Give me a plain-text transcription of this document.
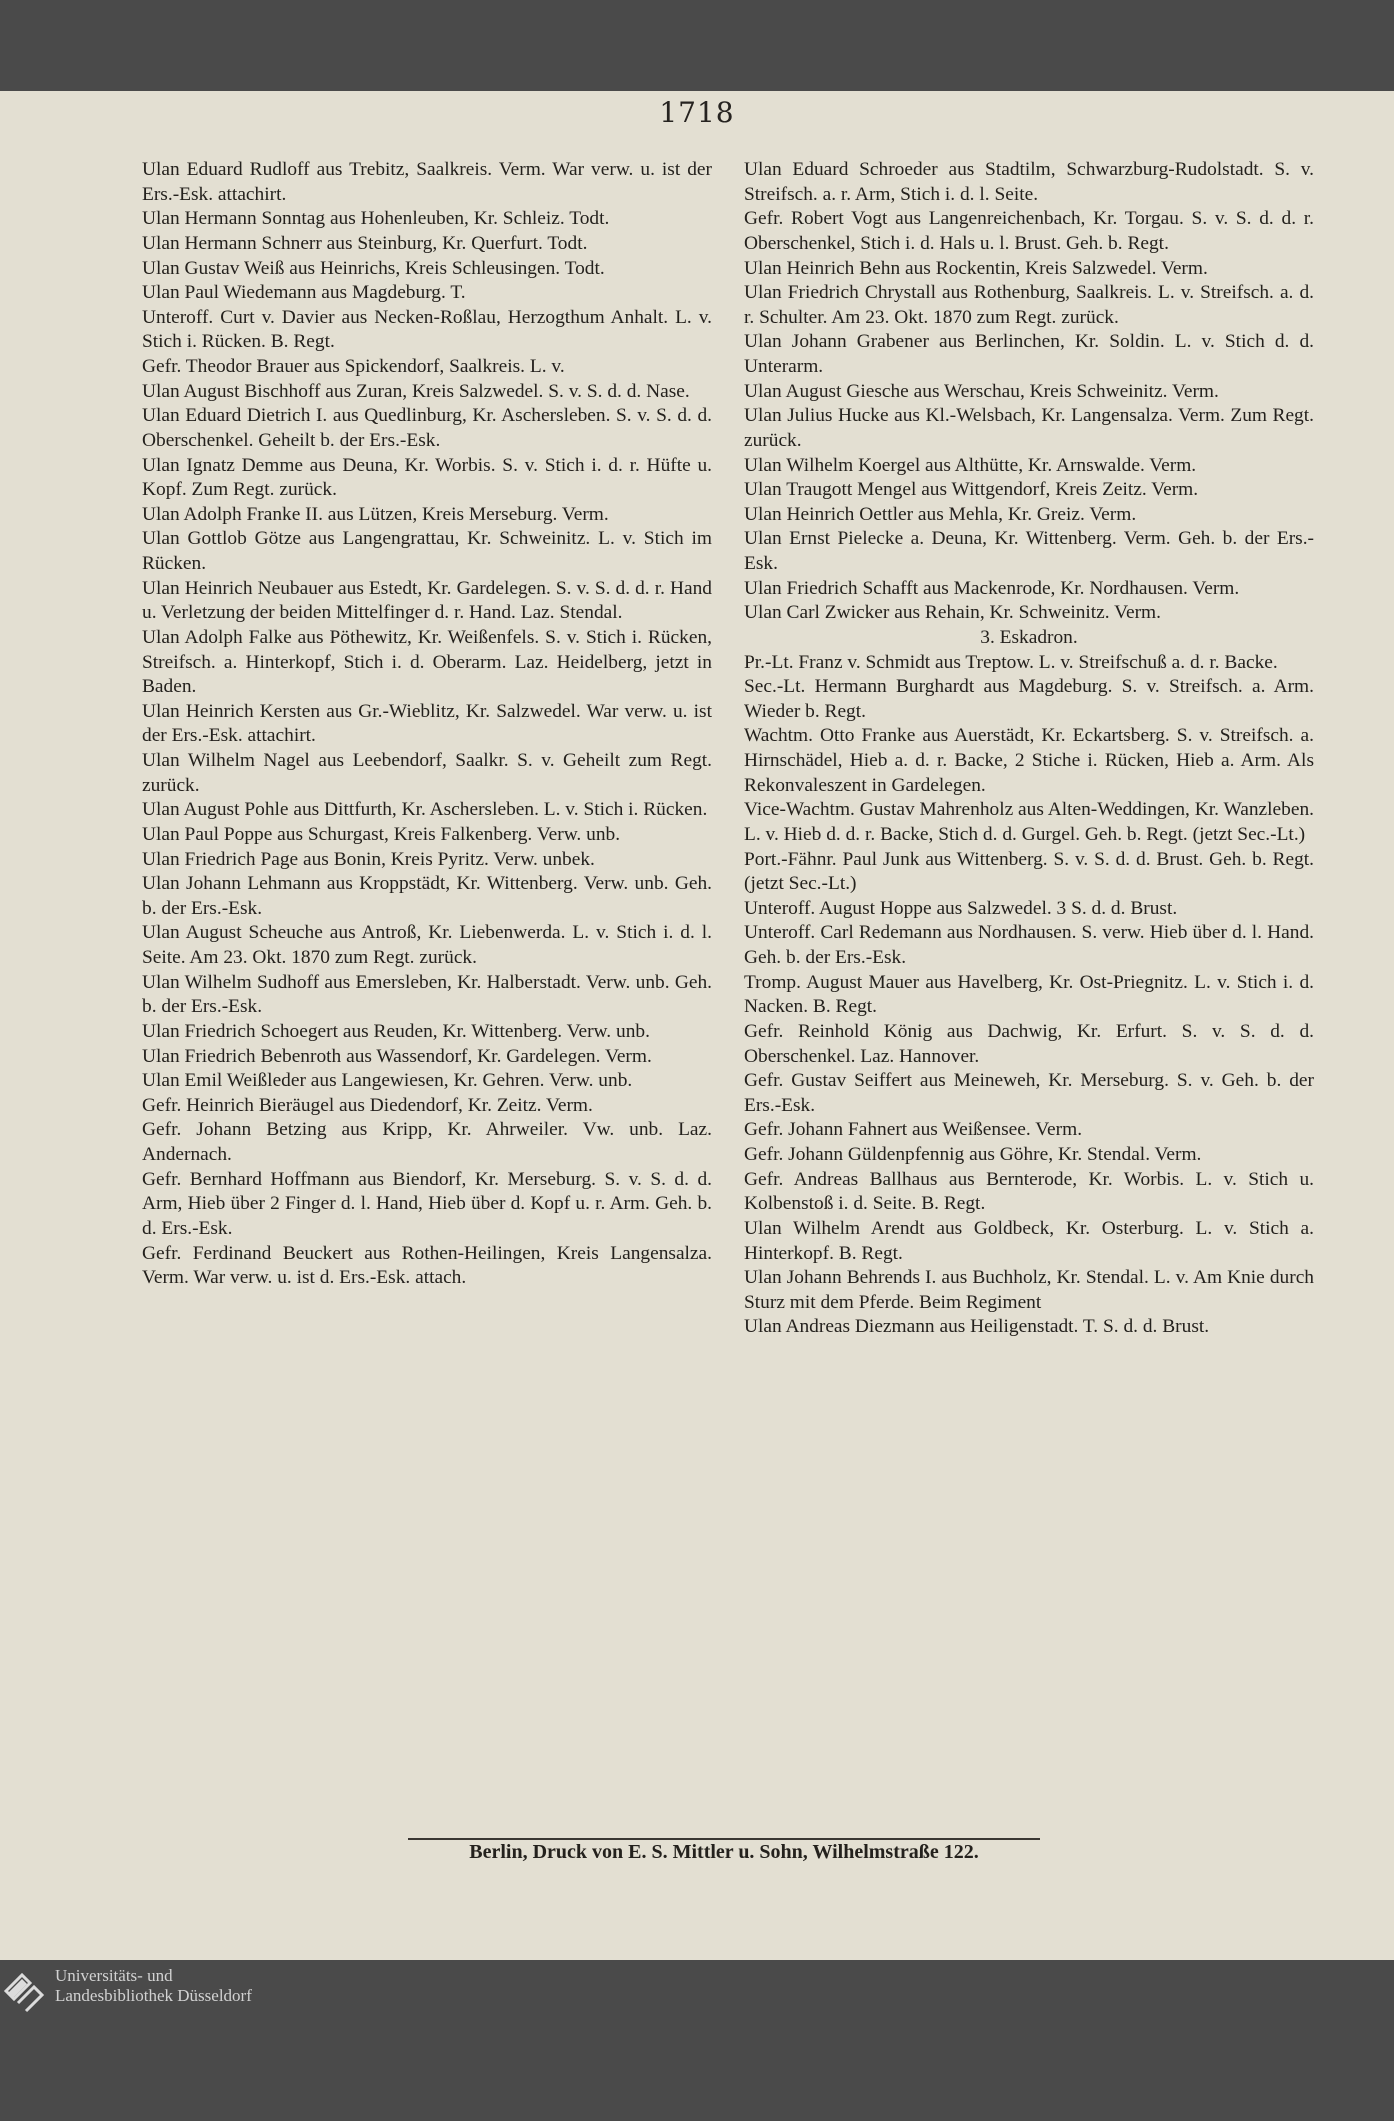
1718

Ulan Eduard Rudloff aus Trebitz, Saalkreis. Verm. War verw. u. ist der Ers.-Esk. attachirt.

Ulan Hermann Sonntag aus Hohenleuben, Kr. Schleiz. Todt.

Ulan Hermann Schnerr aus Steinburg, Kr. Querfurt. Todt.

Ulan Gustav Weiß aus Heinrichs, Kreis Schleusingen. Todt.

Ulan Paul Wiedemann aus Magdeburg. T.

Unteroff. Curt v. Davier aus Necken-Roßlau, Herzogthum Anhalt. L. v. Stich i. Rücken. B. Regt.

Gefr. Theodor Brauer aus Spickendorf, Saalkreis. L. v.

Ulan August Bischhoff aus Zuran, Kreis Salzwedel. S. v. S. d. d. Nase.

Ulan Eduard Dietrich I. aus Quedlinburg, Kr. Aschersleben. S. v. S. d. d. Oberschenkel. Geheilt b. der Ers.-Esk.

Ulan Ignatz Demme aus Deuna, Kr. Worbis. S. v. Stich i. d. r. Hüfte u. Kopf. Zum Regt. zurück.

Ulan Adolph Franke II. aus Lützen, Kreis Merseburg. Verm.

Ulan Gottlob Götze aus Langengrattau, Kr. Schweinitz. L. v. Stich im Rücken.

Ulan Heinrich Neubauer aus Estedt, Kr. Gardelegen. S. v. S. d. d. r. Hand u. Verletzung der beiden Mittelfinger d. r. Hand. Laz. Stendal.

Ulan Adolph Falke aus Pöthewitz, Kr. Weißenfels. S. v. Stich i. Rücken, Streifsch. a. Hinterkopf, Stich i. d. Oberarm. Laz. Heidelberg, jetzt in Baden.

Ulan Heinrich Kersten aus Gr.-Wieblitz, Kr. Salzwedel. War verw. u. ist der Ers.-Esk. attachirt.

Ulan Wilhelm Nagel aus Leebendorf, Saalkr. S. v. Geheilt zum Regt. zurück.

Ulan August Pohle aus Dittfurth, Kr. Aschersleben. L. v. Stich i. Rücken.

Ulan Paul Poppe aus Schurgast, Kreis Falkenberg. Verw. unb.

Ulan Friedrich Page aus Bonin, Kreis Pyritz. Verw. unbek.

Ulan Johann Lehmann aus Kroppstädt, Kr. Wittenberg. Verw. unb. Geh. b. der Ers.-Esk.

Ulan August Scheuche aus Antroß, Kr. Liebenwerda. L. v. Stich i. d. l. Seite. Am 23. Okt. 1870 zum Regt. zurück.

Ulan Wilhelm Sudhoff aus Emersleben, Kr. Halberstadt. Verw. unb. Geh. b. der Ers.-Esk.

Ulan Friedrich Schoegert aus Reuden, Kr. Wittenberg. Verw. unb.

Ulan Friedrich Bebenroth aus Wassendorf, Kr. Gardelegen. Verm.

Ulan Emil Weißleder aus Langewiesen, Kr. Gehren. Verw. unb.

Gefr. Heinrich Bieräugel aus Diedendorf, Kr. Zeitz. Verm.

Gefr. Johann Betzing aus Kripp, Kr. Ahrweiler. Vw. unb. Laz. Andernach.

Gefr. Bernhard Hoffmann aus Biendorf, Kr. Merseburg. S. v. S. d. d. Arm, Hieb über 2 Finger d. l. Hand, Hieb über d. Kopf u. r. Arm. Geh. b. d. Ers.-Esk.

Gefr. Ferdinand Beuckert aus Rothen-Heilingen, Kreis Langensalza. Verm. War verw. u. ist d. Ers.-Esk. attach.

Ulan Eduard Schroeder aus Stadtilm, Schwarzburg-Rudolstadt. S. v. Streifsch. a. r. Arm, Stich i. d. l. Seite.

Gefr. Robert Vogt aus Langenreichenbach, Kr. Torgau. S. v. S. d. d. r. Oberschenkel, Stich i. d. Hals u. l. Brust. Geh. b. Regt.

Ulan Heinrich Behn aus Rockentin, Kreis Salzwedel. Verm.

Ulan Friedrich Chrystall aus Rothenburg, Saalkreis. L. v. Streifsch. a. d. r. Schulter. Am 23. Okt. 1870 zum Regt. zurück.

Ulan Johann Grabener aus Berlinchen, Kr. Soldin. L. v. Stich d. d. Unterarm.

Ulan August Giesche aus Werschau, Kreis Schweinitz. Verm.

Ulan Julius Hucke aus Kl.-Welsbach, Kr. Langensalza. Verm. Zum Regt. zurück.

Ulan Wilhelm Koergel aus Althütte, Kr. Arnswalde. Verm.

Ulan Traugott Mengel aus Wittgendorf, Kreis Zeitz. Verm.

Ulan Heinrich Oettler aus Mehla, Kr. Greiz. Verm.

Ulan Ernst Pielecke a. Deuna, Kr. Wittenberg. Verm. Geh. b. der Ers.-Esk.

Ulan Friedrich Schafft aus Mackenrode, Kr. Nordhausen. Verm.

Ulan Carl Zwicker aus Rehain, Kr. Schweinitz. Verm.

3. Eskadron.

Pr.-Lt. Franz v. Schmidt aus Treptow. L. v. Streifschuß a. d. r. Backe.

Sec.-Lt. Hermann Burghardt aus Magdeburg. S. v. Streifsch. a. Arm. Wieder b. Regt.

Wachtm. Otto Franke aus Auerstädt, Kr. Eckartsberg. S. v. Streifsch. a. Hirnschädel, Hieb a. d. r. Backe, 2 Stiche i. Rücken, Hieb a. Arm. Als Rekonvaleszent in Gardelegen.

Vice-Wachtm. Gustav Mahrenholz aus Alten-Weddingen, Kr. Wanzleben. L. v. Hieb d. d. r. Backe, Stich d. d. Gurgel. Geh. b. Regt. (jetzt Sec.-Lt.)

Port.-Fähnr. Paul Junk aus Wittenberg. S. v. S. d. d. Brust. Geh. b. Regt. (jetzt Sec.-Lt.)

Unteroff. August Hoppe aus Salzwedel. 3 S. d. d. Brust.

Unteroff. Carl Redemann aus Nordhausen. S. verw. Hieb über d. l. Hand. Geh. b. der Ers.-Esk.

Tromp. August Mauer aus Havelberg, Kr. Ost-Priegnitz. L. v. Stich i. d. Nacken. B. Regt.

Gefr. Reinhold König aus Dachwig, Kr. Erfurt. S. v. S. d. d. Oberschenkel. Laz. Hannover.

Gefr. Gustav Seiffert aus Meineweh, Kr. Merseburg. S. v. Geh. b. der Ers.-Esk.

Gefr. Johann Fahnert aus Weißensee. Verm.

Gefr. Johann Güldenpfennig aus Göhre, Kr. Stendal. Verm.

Gefr. Andreas Ballhaus aus Bernterode, Kr. Worbis. L. v. Stich u. Kolbenstoß i. d. Seite. B. Regt.

Ulan Wilhelm Arendt aus Goldbeck, Kr. Osterburg. L. v. Stich a. Hinterkopf. B. Regt.

Ulan Johann Behrends I. aus Buchholz, Kr. Stendal. L. v. Am Knie durch Sturz mit dem Pferde. Beim Regiment

Ulan Andreas Diezmann aus Heiligenstadt. T. S. d. d. Brust.

Berlin, Druck von E. S. Mittler u. Sohn, Wilhelmstraße 122.
Universitäts- und
Landesbibliothek Düsseldorf
